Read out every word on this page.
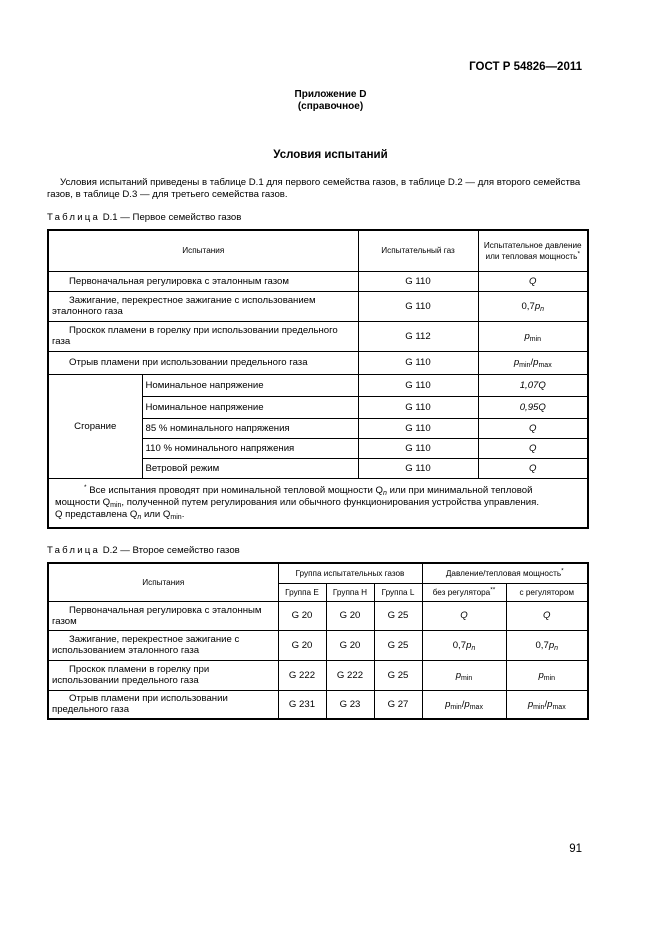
ГОСТ Р 54826—2011
Приложение D
(справочное)
Условия испытаний
Условия испытаний приведены в таблице D.1 для первого семейства газов, в таблице D.2 — для второго семейства газов, в таблице D.3 — для третьего семейства газов.
Таблица D.1 — Первое семейство газов
Испытания		Испытательный газ	Испытательное давление или тепловая мощность*
Первоначальная регулировка с эталонным газом		G 110	Q
Зажигание, перекрестное зажигание с использованием эталонного газа		G 110	$0,7p_n$
Проскок пламени в горелку при использовании предельного газа		G 112	$p_{min}$
Отрыв пламени при использовании предельного газа		G 110	$p_{min}/p_{max}$
Сгорание	Номинальное напряжение	G 110	1,07Q
	Номинальное напряжение	G 110	0,95Q
	85 % номинального напряжения	G 110	Q
	110 % номинального напряжения	G 110	Q
	Ветровой режим	G 110	Q
* Все испытания проводят при номинальной тепловой мощности $Q_n$ или при минимальной тепловой мощности $Q_{min}$, полученной путем регулирования или обычного функционирования устройства управления.
Q представлена $Q_n$ или $Q_{min}$.			
Таблица D.2 — Второе семейство газов
Испытания	Группа испытательных газов			Давление/тепловая мощность*
	Группа Е	Группа Н	Группа L	без регулятора**	с регулятором
Первоначальная регулировка с эталонным газом	G 20	G 20	G 25	Q	Q
Зажигание, перекрестное зажигание с использованием эталонного газа	G 20	G 20	G 25	$0,7p_n$	$0,7p_n$
Проскок пламени в горелку при использовании предельного газа	G 222	G 222	G 25	$p_{min}$	$p_{min}$
Отрыв пламени при использовании предельного газа	G 231	G 23	G 27	$p_{min}/p_{max}$	$p_{min}/p_{max}$
91
